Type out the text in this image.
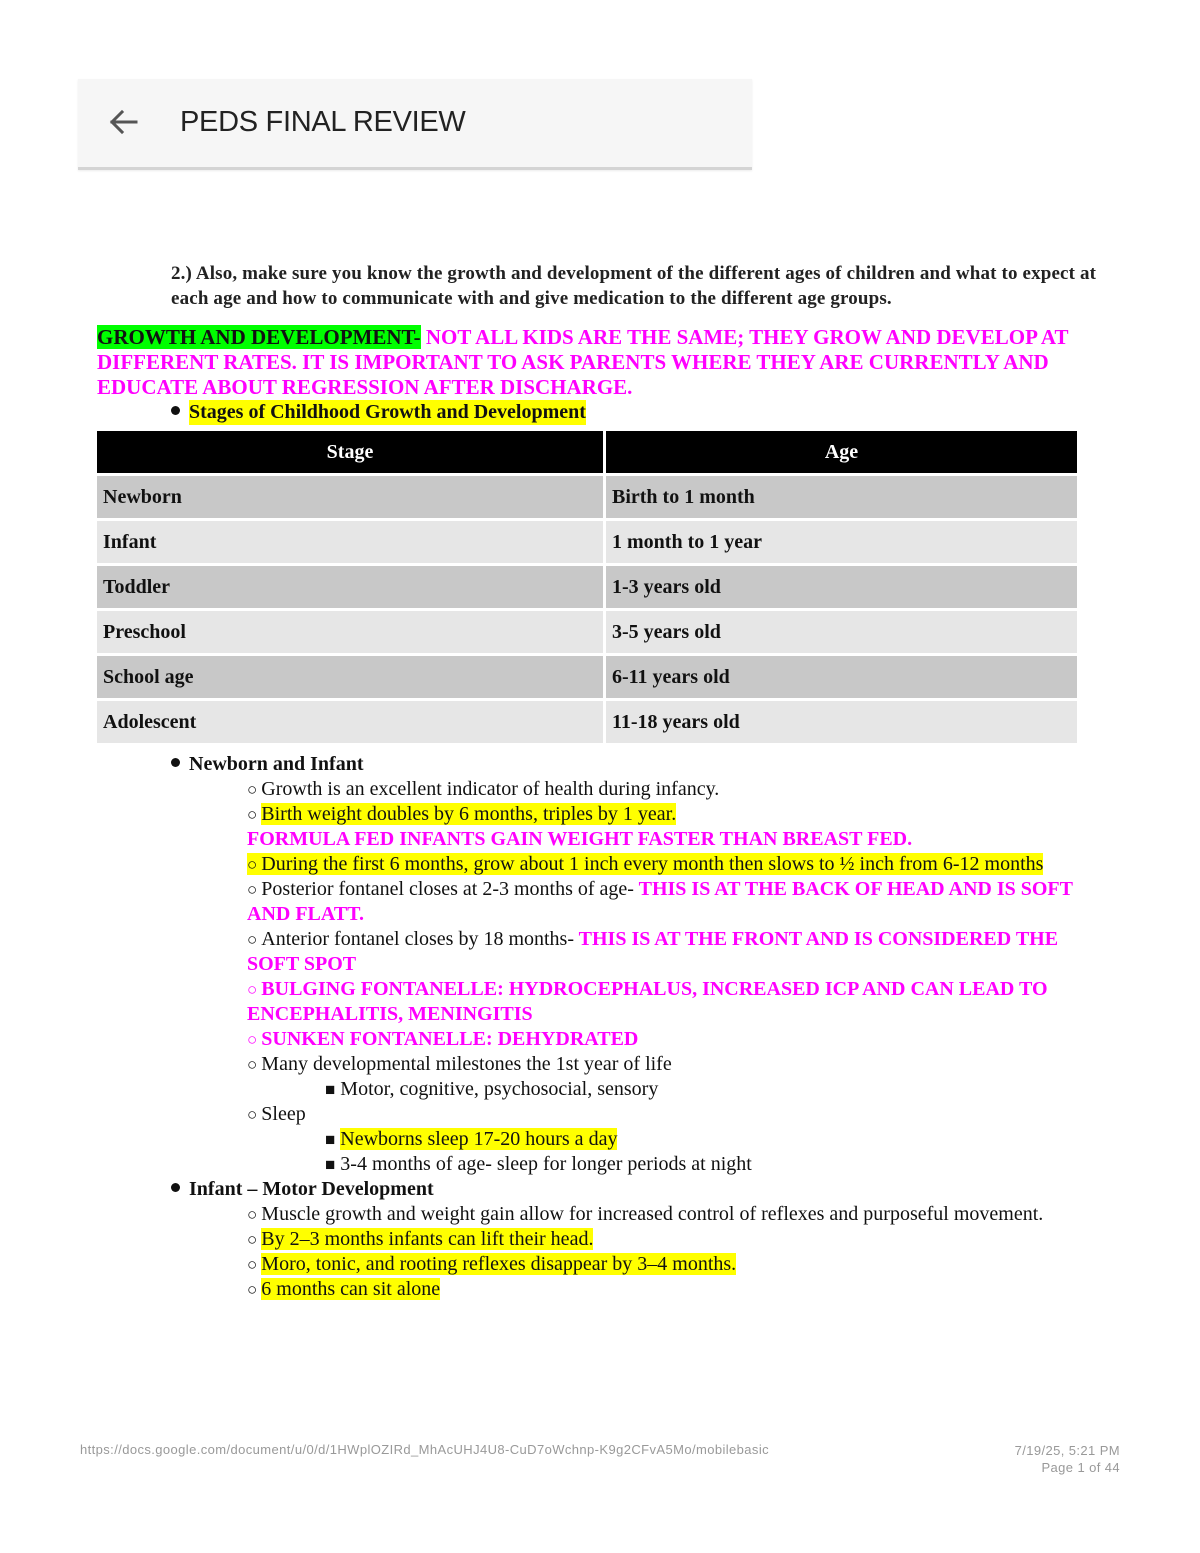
PEDS FINAL REVIEW

2.) Also, make sure you know the growth and development of the different ages of children and what to expect at each age and how to communicate with and give medication to the different age groups.

GROWTH AND DEVELOPMENT- NOT ALL KIDS ARE THE SAME; THEY GROW AND DEVELOP AT DIFFERENT RATES. IT IS IMPORTANT TO ASK PARENTS WHERE THEY ARE CURRENTLY AND EDUCATE ABOUT REGRESSION AFTER DISCHARGE.

Stages of Childhood Growth and Development
Stage	Age
Newborn	Birth to 1 month
Infant	1 month to 1 year
Toddler	1-3 years old
Preschool	3-5 years old
School age	6-11 years old
Adolescent	11-18 years old
Newborn and Infant
○ Growth is an excellent indicator of health during infancy.
○ Birth weight doubles by 6 months, triples by 1 year.
FORMULA FED INFANTS GAIN WEIGHT FASTER THAN BREAST FED.
○ During the first 6 months, grow about 1 inch every month then slows to ½ inch from 6-12 months
○ Posterior fontanel closes at 2-3 months of age- THIS IS AT THE BACK OF HEAD AND IS SOFT AND FLATT.
○ Anterior fontanel closes by 18 months- THIS IS AT THE FRONT AND IS CONSIDERED THE SOFT SPOT
○ BULGING FONTANELLE: HYDROCEPHALUS, INCREASED ICP AND CAN LEAD TO ENCEPHALITIS, MENINGITIS
○ SUNKEN FONTANELLE: DEHYDRATED
○ Many developmental milestones the 1st year of life
■ Motor, cognitive, psychosocial, sensory
○ Sleep
■ Newborns sleep 17-20 hours a day
■ 3-4 months of age- sleep for longer periods at night
Infant – Motor Development
○ Muscle growth and weight gain allow for increased control of reflexes and purposeful movement.
○ By 2–3 months infants can lift their head.
○ Moro, tonic, and rooting reflexes disappear by 3–4 months.
○ 6 months can sit alone
https://docs.google.com/document/u/0/d/1HWplOZIRd_MhAcUHJ4U8-CuD7oWchnp-K9g2CFvA5Mo/mobilebasic	7/19/25, 5:21 PM
Page 1 of 44
